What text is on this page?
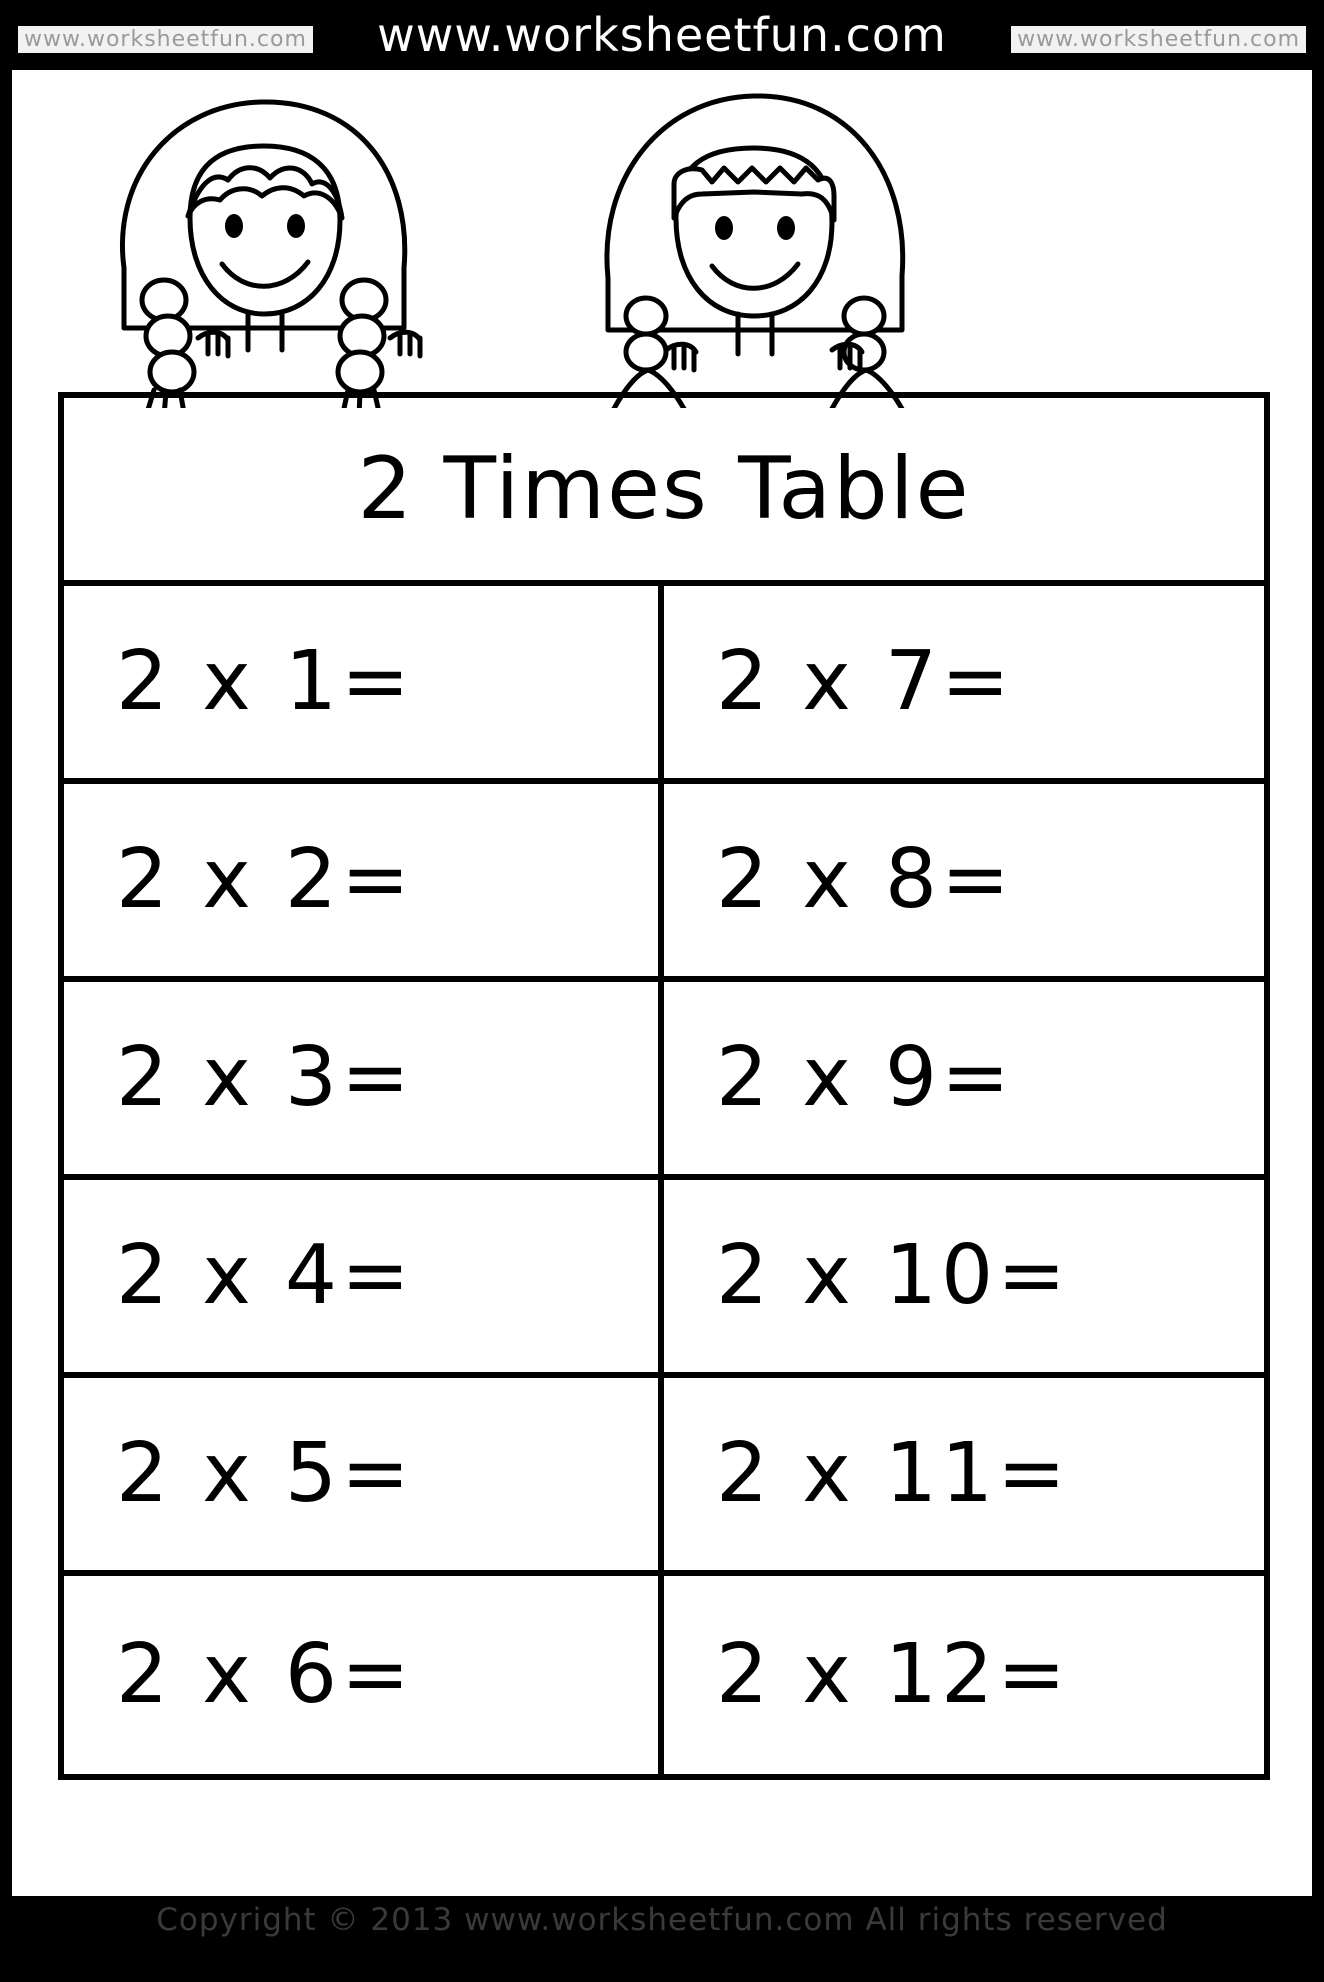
www.worksheetfun.com
www.worksheetfun.com	www.worksheetfun.com
2 Times Table
2 x 1=
2 x 2=
2 x 3=
2 x 4=
2 x 5=
2 x 6=
2 x 7=
2 x 8=
2 x 9=
2 x 10=
2 x 11=
2 x 12=
Copyright © 2013 www.worksheetfun.com All rights reserved
